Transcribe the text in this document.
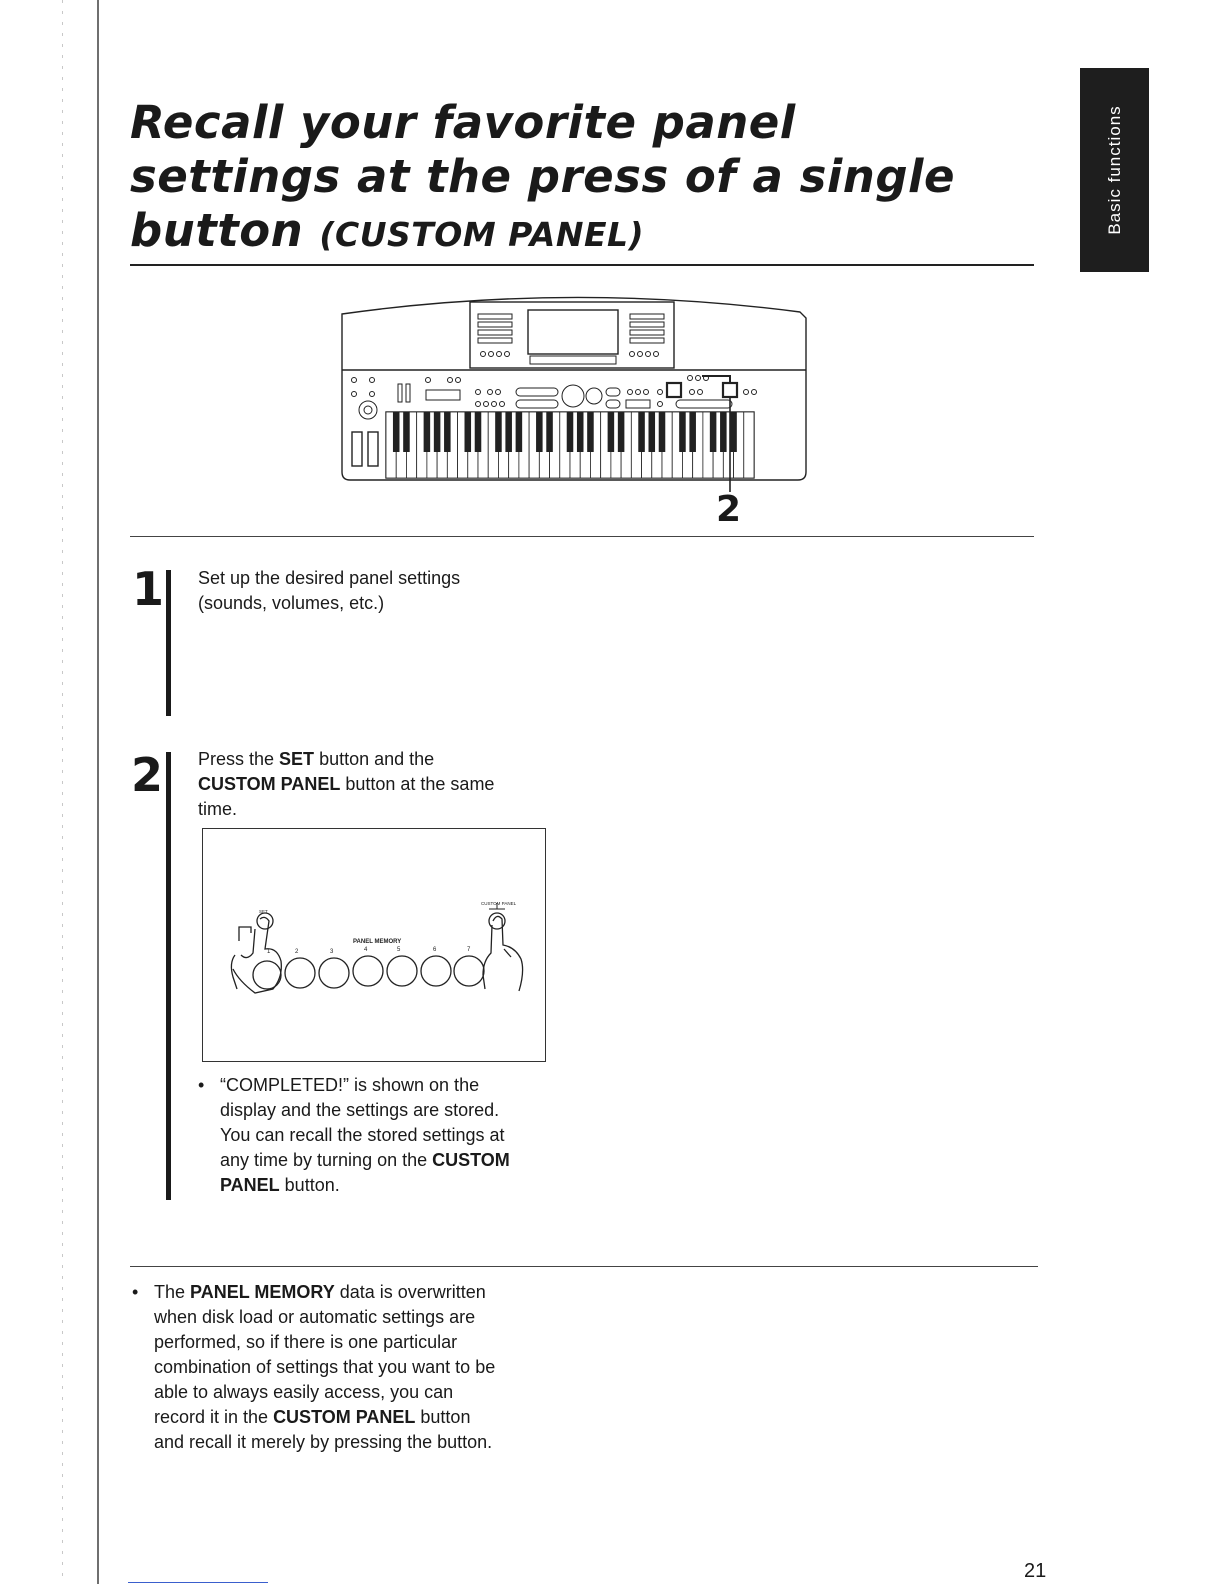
Basic functions
Recall your favorite panel
settings at the press of a single
button (CUSTOM PANEL)
2
1 Set up the desired panel settings
(sounds, volumes, etc.)
2 Press the SET button and the
CUSTOM PANEL button at the same
time.
SET
CUSTOM PANEL
PANEL MEMORY
1	2	3	4	5	6	7
• “COMPLETED!” is shown on the
display and the settings are stored.
You can recall the stored settings at
any time by turning on the CUSTOM
PANEL button.
• The PANEL MEMORY data is overwritten
when disk load or automatic settings are
performed, so if there is one particular
combination of settings that you want to be
able to always easily access, you can
record it in the CUSTOM PANEL button
and recall it merely by pressing the button.
21
